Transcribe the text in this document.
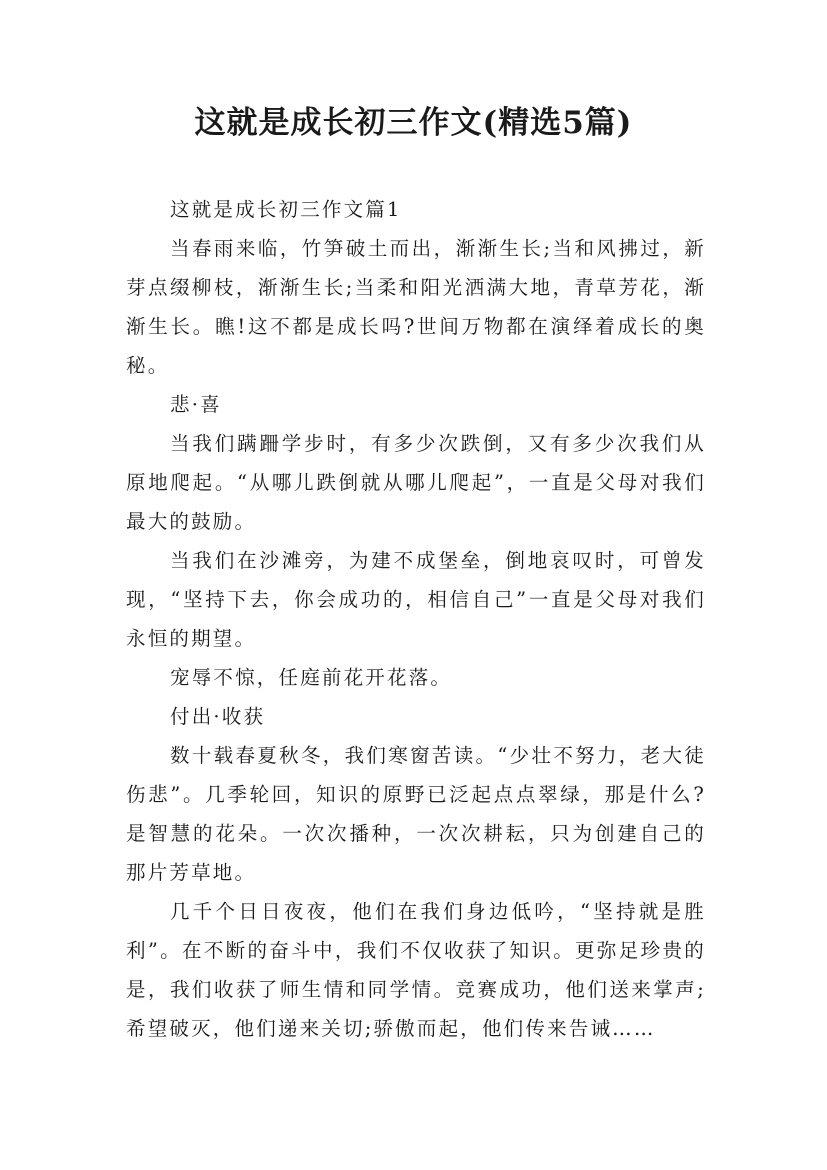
这就是成长初三作文(精选5篇)

这就是成长初三作文篇1

当春雨来临，竹笋破土而出，渐渐生长;当和风拂过，新芽点缀柳枝，渐渐生长;当柔和阳光洒满大地，青草芳花，渐渐生长。瞧!这不都是成长吗?世间万物都在演绎着成长的奥秘。

悲·喜

当我们蹒跚学步时，有多少次跌倒，又有多少次我们从原地爬起。“从哪儿跌倒就从哪儿爬起”，一直是父母对我们最大的鼓励。

当我们在沙滩旁，为建不成堡垒，倒地哀叹时，可曾发现，“坚持下去，你会成功的，相信自己”一直是父母对我们永恒的期望。

宠辱不惊，任庭前花开花落。

付出·收获

数十载春夏秋冬，我们寒窗苦读。“少壮不努力，老大徒伤悲”。几季轮回，知识的原野已泛起点点翠绿，那是什么?是智慧的花朵。一次次播种，一次次耕耘，只为创建自己的那片芳草地。

几千个日日夜夜，他们在我们身边低吟，“坚持就是胜利”。在不断的奋斗中，我们不仅收获了知识。更弥足珍贵的是，我们收获了师生情和同学情。竞赛成功，他们送来掌声;希望破灭，他们递来关切;骄傲而起，他们传来告诫……
